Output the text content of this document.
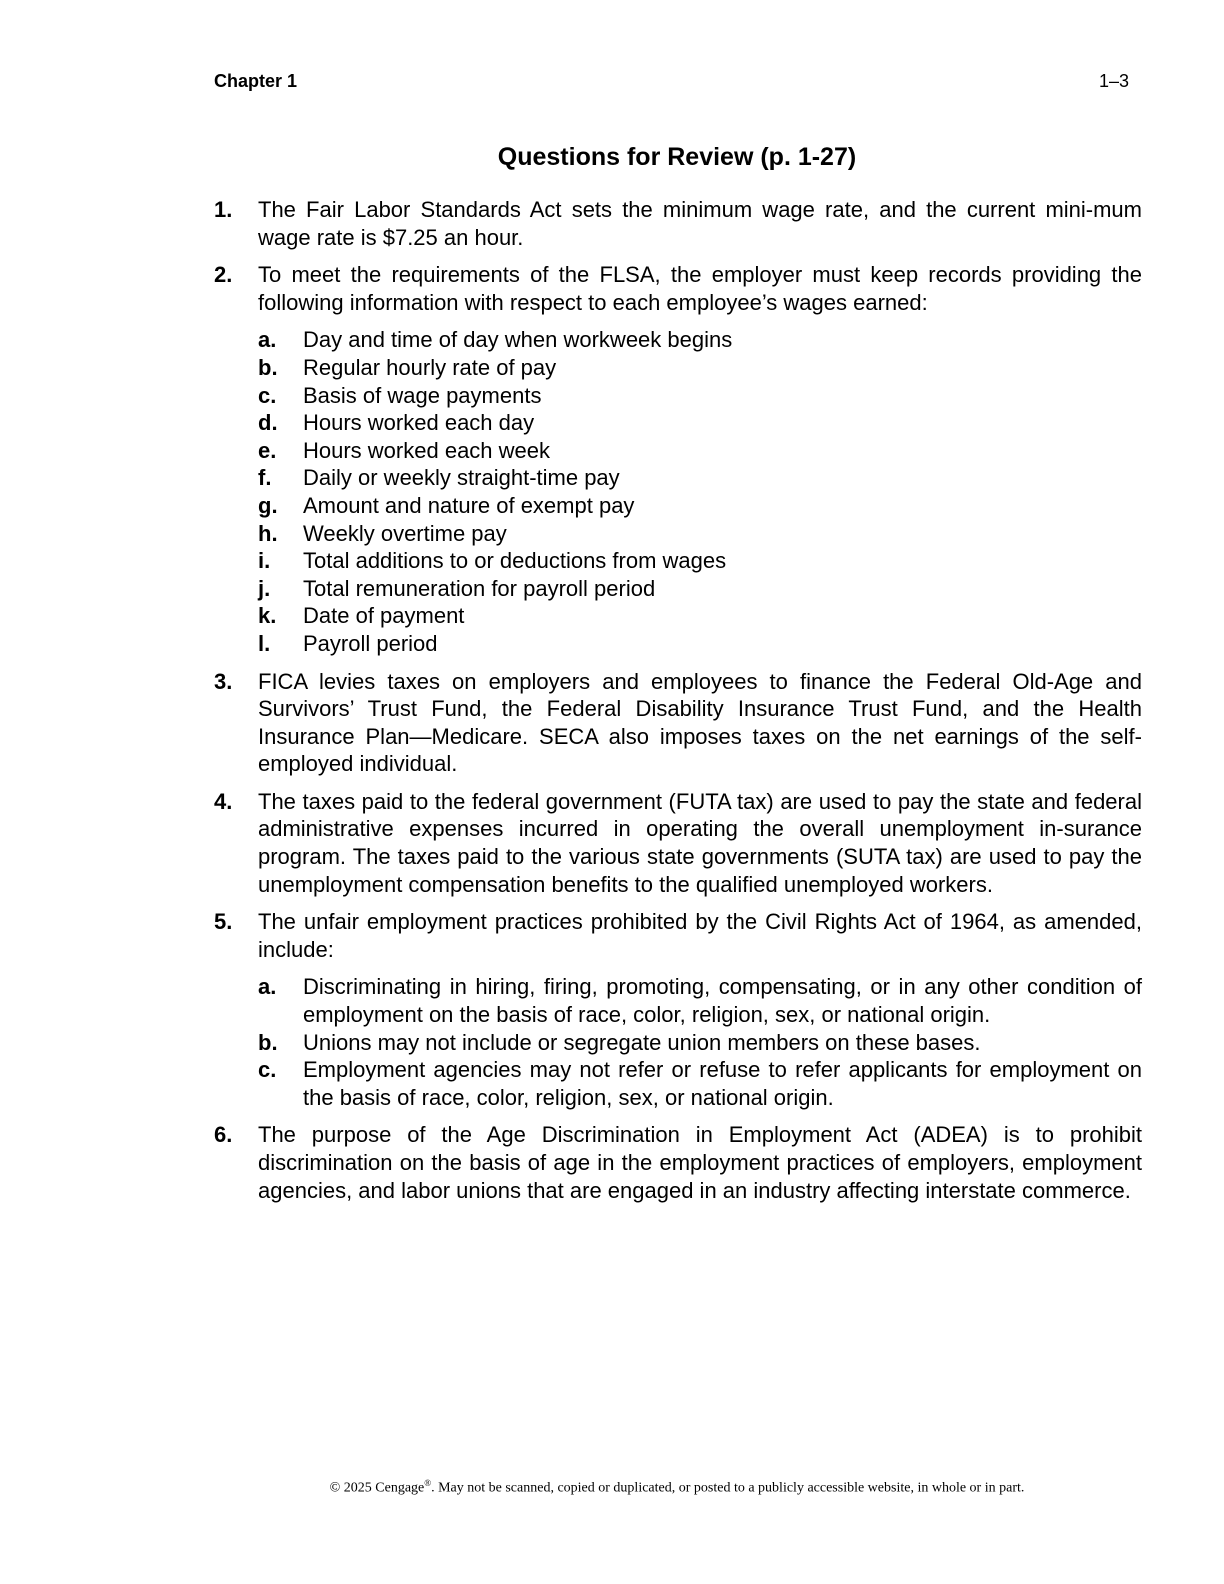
Chapter 1	1–3
Questions for Review (p. 1-27)
1. The Fair Labor Standards Act sets the minimum wage rate, and the current mini-mum wage rate is $7.25 an hour.
2. To meet the requirements of the FLSA, the employer must keep records providing the following information with respect to each employee’s wages earned:
a. Day and time of day when workweek begins
b. Regular hourly rate of pay
c. Basis of wage payments
d. Hours worked each day
e. Hours worked each week
f. Daily or weekly straight-time pay
g. Amount and nature of exempt pay
h. Weekly overtime pay
i. Total additions to or deductions from wages
j. Total remuneration for payroll period
k. Date of payment
l. Payroll period
3. FICA levies taxes on employers and employees to finance the Federal Old-Age and Survivors’ Trust Fund, the Federal Disability Insurance Trust Fund, and the Health Insurance Plan—Medicare. SECA also imposes taxes on the net earnings of the self-employed individual.
4. The taxes paid to the federal government (FUTA tax) are used to pay the state and federal administrative expenses incurred in operating the overall unemployment in-surance program. The taxes paid to the various state governments (SUTA tax) are used to pay the unemployment compensation benefits to the qualified unemployed workers.
5. The unfair employment practices prohibited by the Civil Rights Act of 1964, as amended, include:
a. Discriminating in hiring, firing, promoting, compensating, or in any other condition of employment on the basis of race, color, religion, sex, or national origin.
b. Unions may not include or segregate union members on these bases.
c. Employment agencies may not refer or refuse to refer applicants for employment on the basis of race, color, religion, sex, or national origin.
6. The purpose of the Age Discrimination in Employment Act (ADEA) is to prohibit discrimination on the basis of age in the employment practices of employers, employment agencies, and labor unions that are engaged in an industry affecting interstate commerce.
© 2025 Cengage®. May not be scanned, copied or duplicated, or posted to a publicly accessible website, in whole or in part.
